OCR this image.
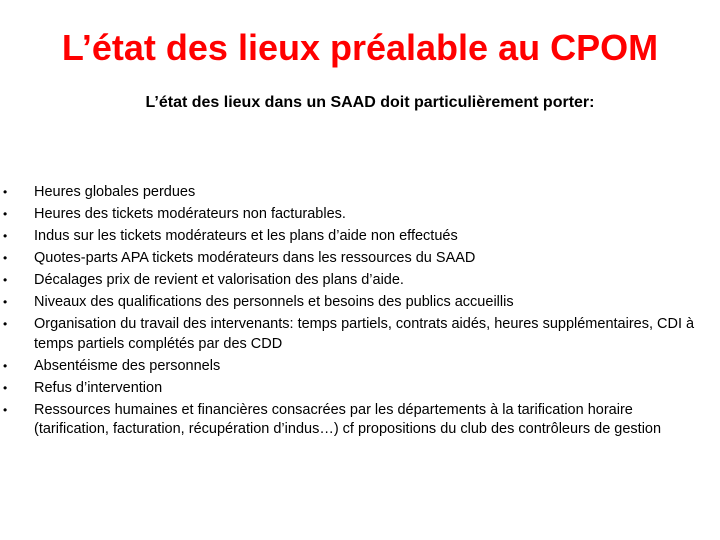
L’état des lieux préalable au CPOM
L’état des lieux dans un SAAD doit particulièrement porter:
•	Heures globales perdues
•	Heures des tickets modérateurs non facturables.
•	Indus sur les tickets modérateurs et les plans d’aide non effectués
•	Quotes-parts APA tickets modérateurs dans les ressources du SAAD
•	Décalages prix de revient et valorisation des plans d’aide.
•	Niveaux des qualifications des personnels et besoins des publics accueillis
•	Organisation du travail des intervenants: temps partiels, contrats aidés, heures supplémentaires, CDI à temps partiels complétés par des CDD
•	Absentéisme des personnels
•	Refus d’intervention
•	Ressources humaines et financières consacrées par les départements à la tarification horaire (tarification, facturation, récupération d’indus…) cf propositions du club des contrôleurs de gestion
